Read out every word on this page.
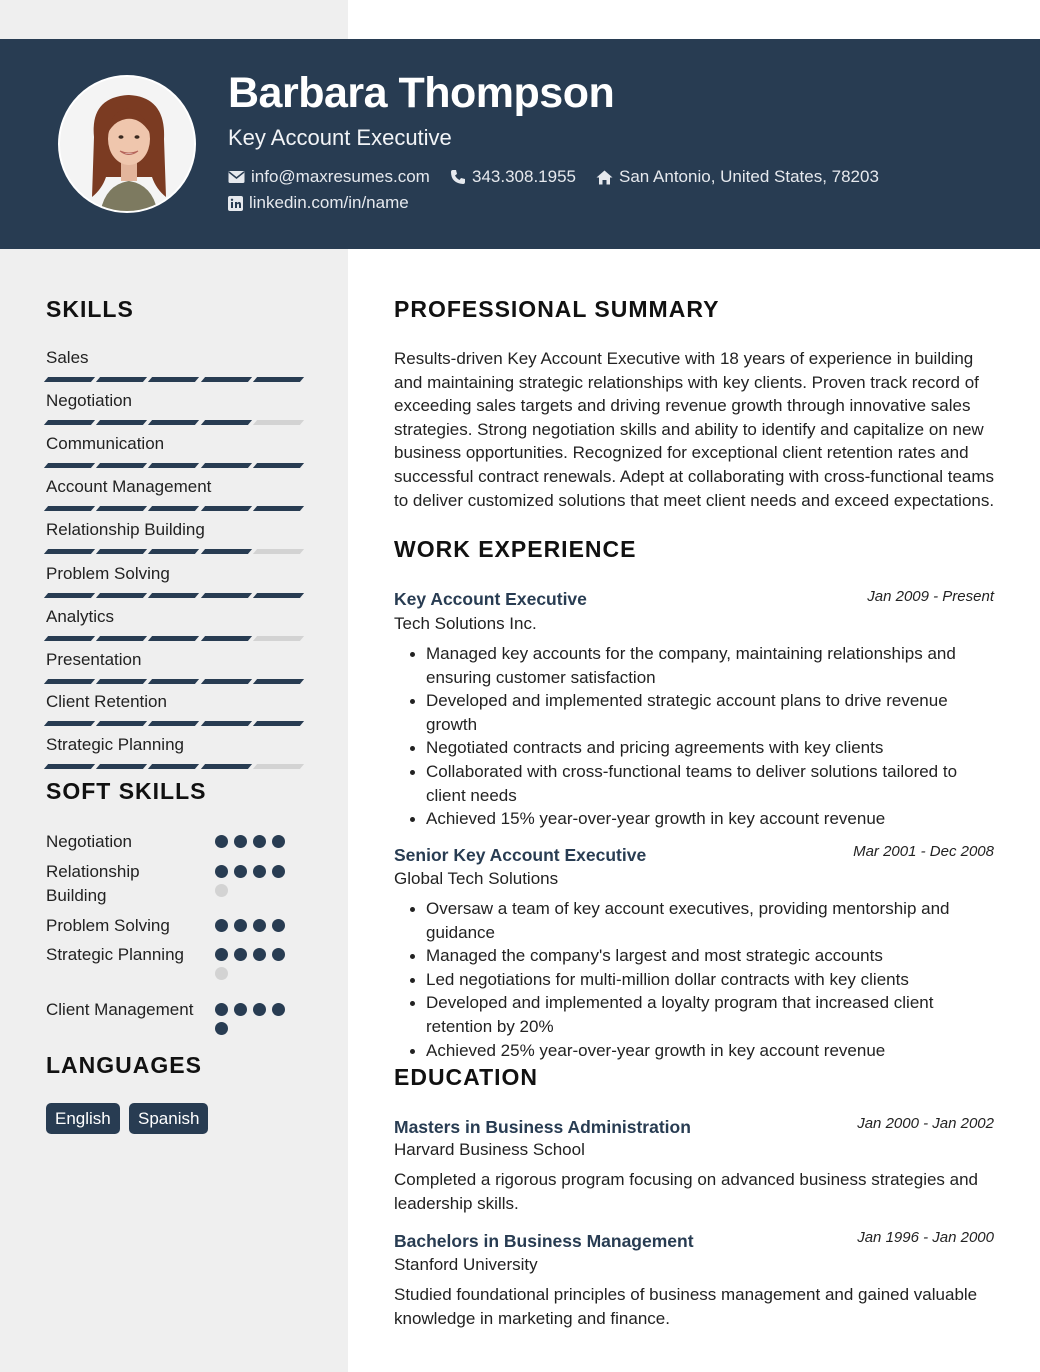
Barbara Thompson
Key Account Executive
info@maxresumes.com 343.308.1955	San Antonio, United States, 78203
linkedin.com/in/name
SKILLS
Sales
Negotiation
Communication
Account Management
Relationship Building
Problem Solving
Analytics
Presentation
Client Retention
Strategic Planning
SOFT SKILLS
Negotiation
Relationship Building
Problem Solving
Strategic Planning
Client Management
LANGUAGES
English	Spanish
PROFESSIONAL SUMMARY
Results-driven Key Account Executive with 18 years of experience in building and maintaining strategic relationships with key clients. Proven track record of exceeding sales targets and driving revenue growth through innovative sales strategies. Strong negotiation skills and ability to identify and capitalize on new business opportunities. Recognized for exceptional client retention rates and successful contract renewals. Adept at collaborating with cross-functional teams to deliver customized solutions that meet client needs and exceed expectations.
WORK EXPERIENCE
Key Account Executive	Jan 2009 - Present
Tech Solutions Inc.
Managed key accounts for the company, maintaining relationships and ensuring customer satisfaction
Developed and implemented strategic account plans to drive revenue growth
Negotiated contracts and pricing agreements with key clients
Collaborated with cross-functional teams to deliver solutions tailored to client needs
Achieved 15% year-over-year growth in key account revenue
Senior Key Account Executive	Mar 2001 - Dec 2008
Global Tech Solutions
Oversaw a team of key account executives, providing mentorship and guidance
Managed the company's largest and most strategic accounts
Led negotiations for multi-million dollar contracts with key clients
Developed and implemented a loyalty program that increased client retention by 20%
Achieved 25% year-over-year growth in key account revenue
EDUCATION
Masters in Business Administration	Jan 2000 - Jan 2002
Harvard Business School
Completed a rigorous program focusing on advanced business strategies and leadership skills.
Bachelors in Business Management	Jan 1996 - Jan 2000
Stanford University
Studied foundational principles of business management and gained valuable knowledge in marketing and finance.
